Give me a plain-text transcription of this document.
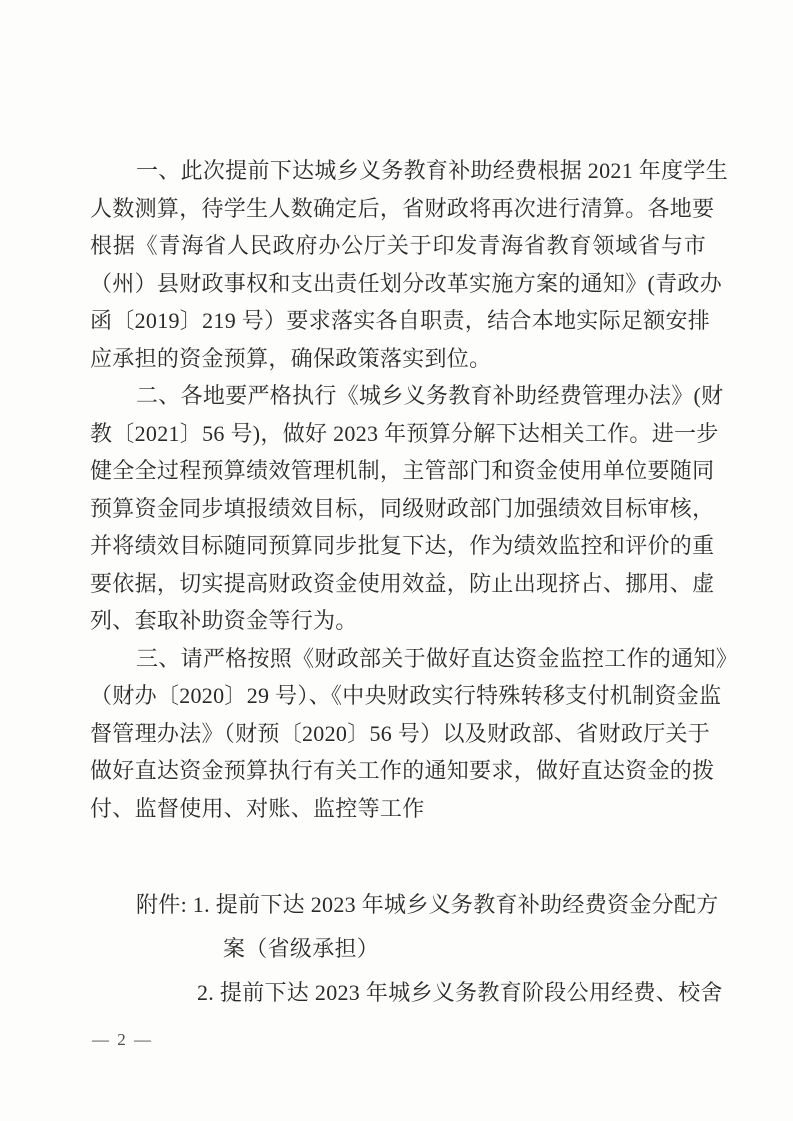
一、此次提前下达城乡义务教育补助经费根据 2021 年度学生
人数测算，待学生人数确定后，省财政将再次进行清算。各地要
根据《青海省人民政府办公厅关于印发青海省教育领域省与市
（州）县财政事权和支出责任划分改革实施方案的通知》(青政办
函〔2019〕219 号）要求落实各自职责，结合本地实际足额安排
应承担的资金预算，确保政策落实到位。

二、各地要严格执行《城乡义务教育补助经费管理办法》(财
教〔2021〕56 号)，做好 2023 年预算分解下达相关工作。进一步
健全全过程预算绩效管理机制，主管部门和资金使用单位要随同
预算资金同步填报绩效目标，同级财政部门加强绩效目标审核，
并将绩效目标随同预算同步批复下达，作为绩效监控和评价的重
要依据，切实提高财政资金使用效益，防止出现挤占、挪用、虚
列、套取补助资金等行为。

三、请严格按照《财政部关于做好直达资金监控工作的通知》
（财办〔2020〕29 号）、《中央财政实行特殊转移支付机制资金监
督管理办法》（财预〔2020〕56 号）以及财政部、省财政厅关于
做好直达资金预算执行有关工作的通知要求，做好直达资金的拨
付、监督使用、对账、监控等工作

附件: 1. 提前下达 2023 年城乡义务教育补助经费资金分配方
案（省级承担）
2. 提前下达 2023 年城乡义务教育阶段公用经费、校舍
— 2 —
